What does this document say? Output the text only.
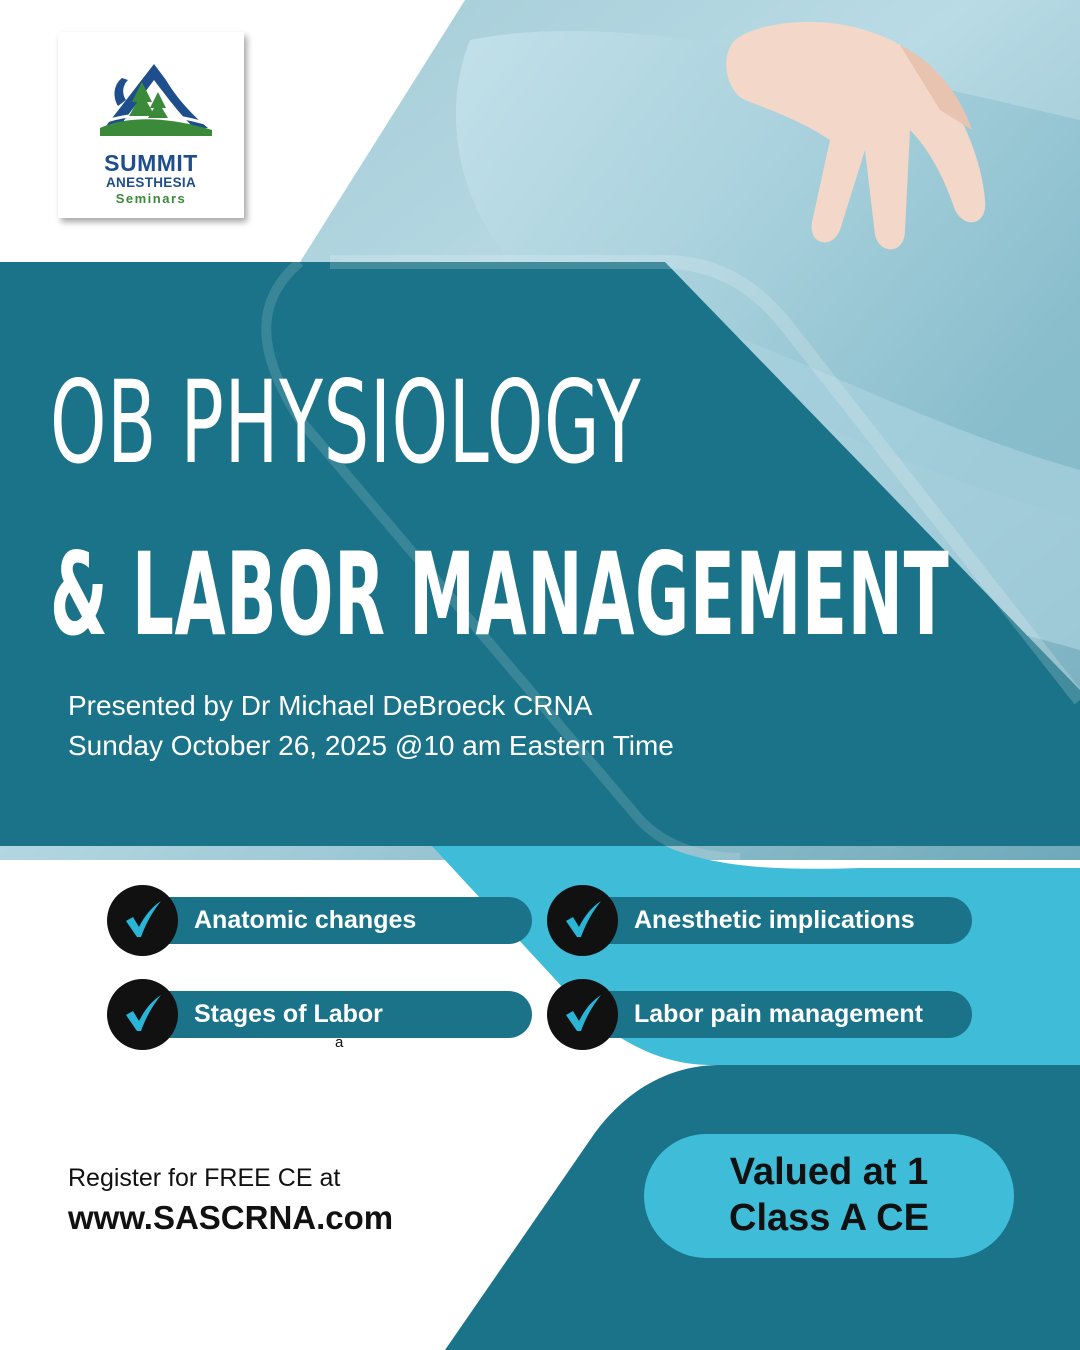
SUMMIT
ANESTHESIA
Seminars
OB PHYSIOLOGY
& LABOR MANAGEMENT
Presented by Dr Michael DeBroeck CRNA
Sunday October 26, 2025 @10 am Eastern Time
Anatomic changes	Anesthetic implications
Stages of Labor	Labor pain management
a
Register for FREE CE at
www.SASCRNA.com
Valued at 1
Class A CE
